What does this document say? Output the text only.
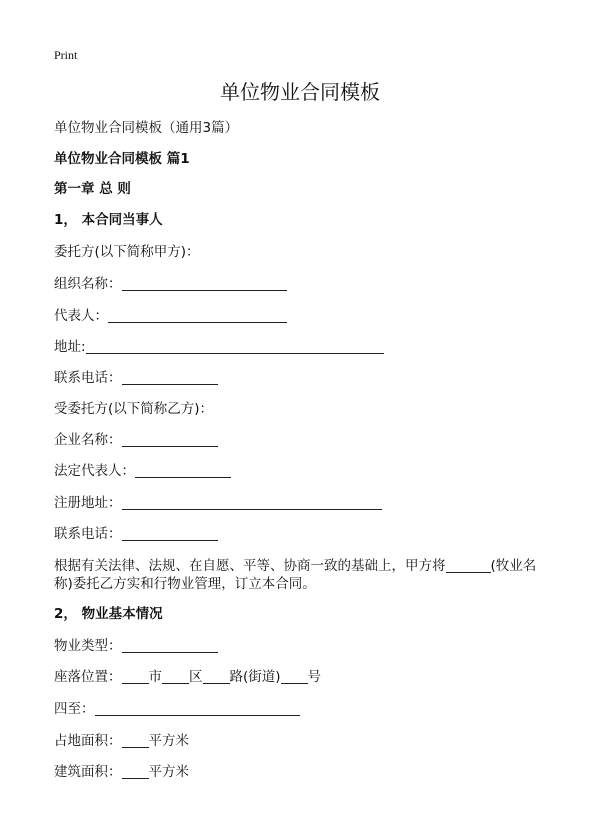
Print
单位物业合同模板
单位物业合同模板（通用3篇）
单位物业合同模板 篇1
第一章 总 则
1， 本合同当事人
委托方(以下简称甲方)：
组织名称：
代表人：
地址:
联系电话：
受委托方(以下简称乙方)：
企业名称：
法定代表人：
注册地址：
联系电话：
根据有关法律、法规、在自愿、平等、协商一致的基础上，甲方将	(牧业名称)委托乙方实和行物业管理，订立本合同。
2， 物业基本情况
物业类型：
座落位置： 市 区 路(街道) 号
四至：
占地面积： 平方米
建筑面积： 平方米
